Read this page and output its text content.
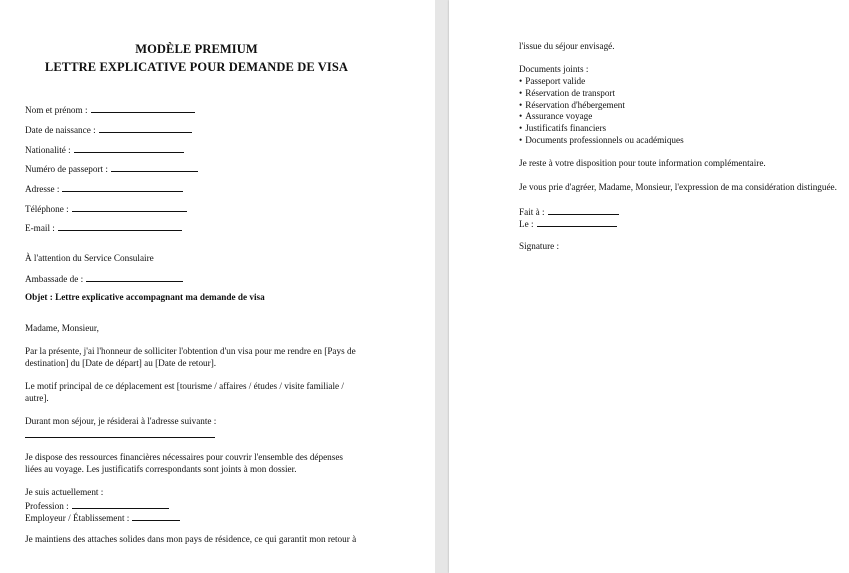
MODÈLE PREMIUM
LETTRE EXPLICATIVE POUR DEMANDE DE VISA
Nom et prénom :
Date de naissance :
Nationalité :
Numéro de passeport :
Adresse :
Téléphone :
E-mail :
À l'attention du Service Consulaire
Ambassade de :
Objet : Lettre explicative accompagnant ma demande de visa
Madame, Monsieur,
Par la présente, j'ai l'honneur de solliciter l'obtention d'un visa pour me rendre en [Pays de
destination] du [Date de départ] au [Date de retour].
Le motif principal de ce déplacement est [tourisme / affaires / études / visite familiale /
autre].
Durant mon séjour, je résiderai à l'adresse suivante :
Je dispose des ressources financières nécessaires pour couvrir l'ensemble des dépenses
liées au voyage. Les justificatifs correspondants sont joints à mon dossier.
Je suis actuellement :
Profession :
Employeur / Établissement :
Je maintiens des attaches solides dans mon pays de résidence, ce qui garantit mon retour à
l'issue du séjour envisagé.
Documents joints :
• Passeport valide
• Réservation de transport
• Réservation d'hébergement
• Assurance voyage
• Justificatifs financiers
• Documents professionnels ou académiques
Je reste à votre disposition pour toute information complémentaire.
Je vous prie d'agréer, Madame, Monsieur, l'expression de ma considération distinguée.
Fait à :
Le :
Signature :
